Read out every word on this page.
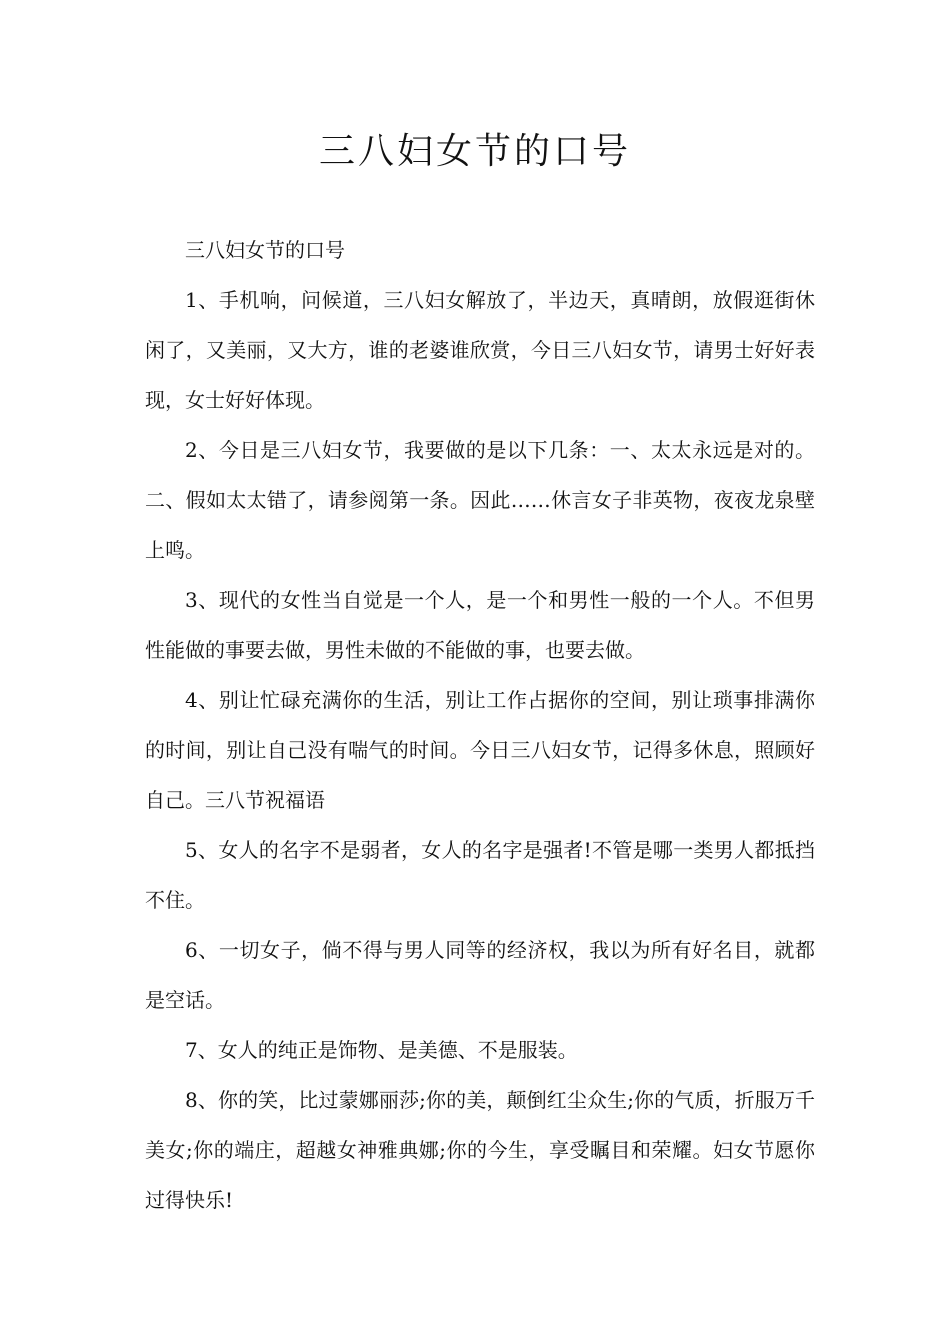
三八妇女节的口号

三八妇女节的口号

1、手机响，问候道，三八妇女解放了，半边天，真晴朗，放假逛街休闲了，又美丽，又大方，谁的老婆谁欣赏，今日三八妇女节，请男士好好表现，女士好好体现。

2、今日是三八妇女节，我要做的是以下几条：一、太太永远是对的。二、假如太太错了，请参阅第一条。因此……休言女子非英物，夜夜龙泉壁上鸣。

3、现代的女性当自觉是一个人，是一个和男性一般的一个人。不但男性能做的事要去做，男性未做的不能做的事，也要去做。

4、别让忙碌充满你的生活，别让工作占据你的空间，别让琐事排满你的时间，别让自己没有喘气的时间。今日三八妇女节，记得多休息，照顾好自己。三八节祝福语

5、女人的名字不是弱者，女人的名字是强者!不管是哪一类男人都抵挡不住。

6、一切女子，倘不得与男人同等的经济权，我以为所有好名目，就都是空话。

7、女人的纯正是饰物、是美德、不是服装。

8、你的笑，比过蒙娜丽莎;你的美，颠倒红尘众生;你的气质，折服万千美女;你的端庄，超越女神雅典娜;你的今生，享受瞩目和荣耀。妇女节愿你过得快乐!
